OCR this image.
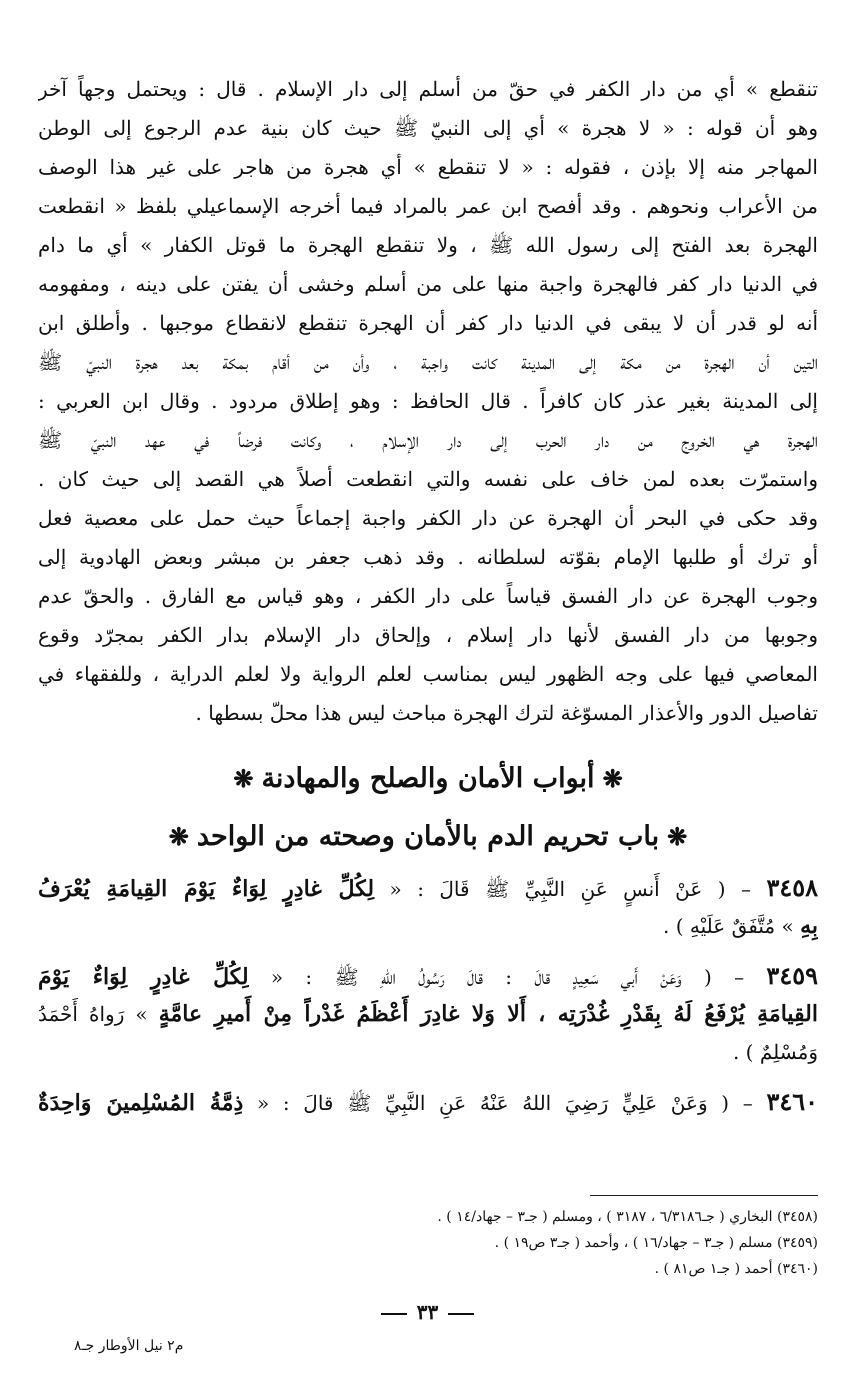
تنقطع » أي من دار الكفر في حقّ من أسلم إلى دار الإسلام . قال : ويحتمل وجهاً آخر
وهو أن قوله : « لا هجرة » أي إلى النبيّ ﷺ حيث كان بنية عدم الرجوع إلى الوطن
المهاجر منه إلا بإذن ، فقوله : « لا تنقطع » أي هجرة من هاجر على غير هذا الوصف
من الأعراب ونحوهم . وقد أفصح ابن عمر بالمراد فيما أخرجه الإسماعيلي بلفظ « انقطعت
الهجرة بعد الفتح إلى رسول الله ﷺ ، ولا تنقطع الهجرة ما قوتل الكفار » أي ما دام
في الدنيا دار كفر فالهجرة واجبة منها على من أسلم وخشى أن يفتن على دينه ، ومفهومه
أنه لو قدر أن لا يبقى في الدنيا دار كفر أن الهجرة تنقطع لانقطاع موجبها . وأطلق ابن
التين أن الهجرة من مكة إلى المدينة كانت واجبة ، وأن من أقام بمكة بعد هجرة النبيّ ﷺ
إلى المدينة بغير عذر كان كافراً . قال الحافظ : وهو إطلاق مردود . وقال ابن العربي :
الهجرة هي الخروج من دار الحرب إلى دار الإسلام ، وكانت فرضاً في عهد النبيّ ﷺ
واستمرّت بعده لمن خاف على نفسه والتي انقطعت أصلاً هي القصد إلى حيث كان .
وقد حكى في البحر أن الهجرة عن دار الكفر واجبة إجماعاً حيث حمل على معصية فعل
أو ترك أو طلبها الإمام بقوّته لسلطانه . وقد ذهب جعفر بن مبشر وبعض الهادوية إلى
وجوب الهجرة عن دار الفسق قياساً على دار الكفر ، وهو قياس مع الفارق . والحقّ عدم
وجوبها من دار الفسق لأنها دار إسلام ، وإلحاق دار الإسلام بدار الكفر بمجرّد وقوع
المعاصي فيها على وجه الظهور ليس بمناسب لعلم الرواية ولا لعلم الدراية ، وللفقهاء في
تفاصيل الدور والأعذار المسوّغة لترك الهجرة مباحث ليس هذا محلّ بسطها .
❋أبواب الأمان والصلح والمهادنة❋
❋باب تحريم الدم بالأمان وصحته من الواحد❋
٣٤٥٨ – ( عَنْ أَنسٍ عَنِ النَّبِيِّ ﷺ قَالَ : « لِكُلِّ غادِرٍ لِوَاءٌ يَوْمَ القِيامَةِ يُعْرَفُ
بِهِ » مُتَّفَقٌ عَلَيْهِ ) .
٣٤٥٩ – ( وَعَنْ أَبي سَعِيدٍ قالَ : قالَ رَسُولُ اللهِ ﷺ : « لِكُلِّ غادِرٍ لِوَاءٌ يَوْمَ
القِيامَةِ يُرْفَعُ لَهُ بِقَدْرِ غُدْرَتِه ، أَلا وَلا غادِرَ أَعْظَمُ غَدْراً مِنْ أَميرِ عامَّةٍ » رَواهُ أَحْمَدُ
وَمُسْلِمٌ ) .
٣٤٦٠ – ( وَعَنْ عَلِيٍّ رَضِيَ اللهُ عَنْهُ عَنِ النَّبِيِّ ﷺ قالَ : « ذِمَّةُ المُسْلِمينَ وَاحِدَةٌ
(٣٤٥٨) البخاري ( جـ٦/٣١٨٦ ، ٣١٨٧ ) ، ومسلم ( جـ٣ – جهاد/١٤ ) .
(٣٤٥٩) مسلم ( جـ٣ – جهاد/١٦ ) ، وأحمد ( جـ٣ ص١٩ ) .
(٣٤٦٠) أحمد ( جـ١ ص٨١ ) .
٣٣
م٢ نيل الأوطار جـ٨
